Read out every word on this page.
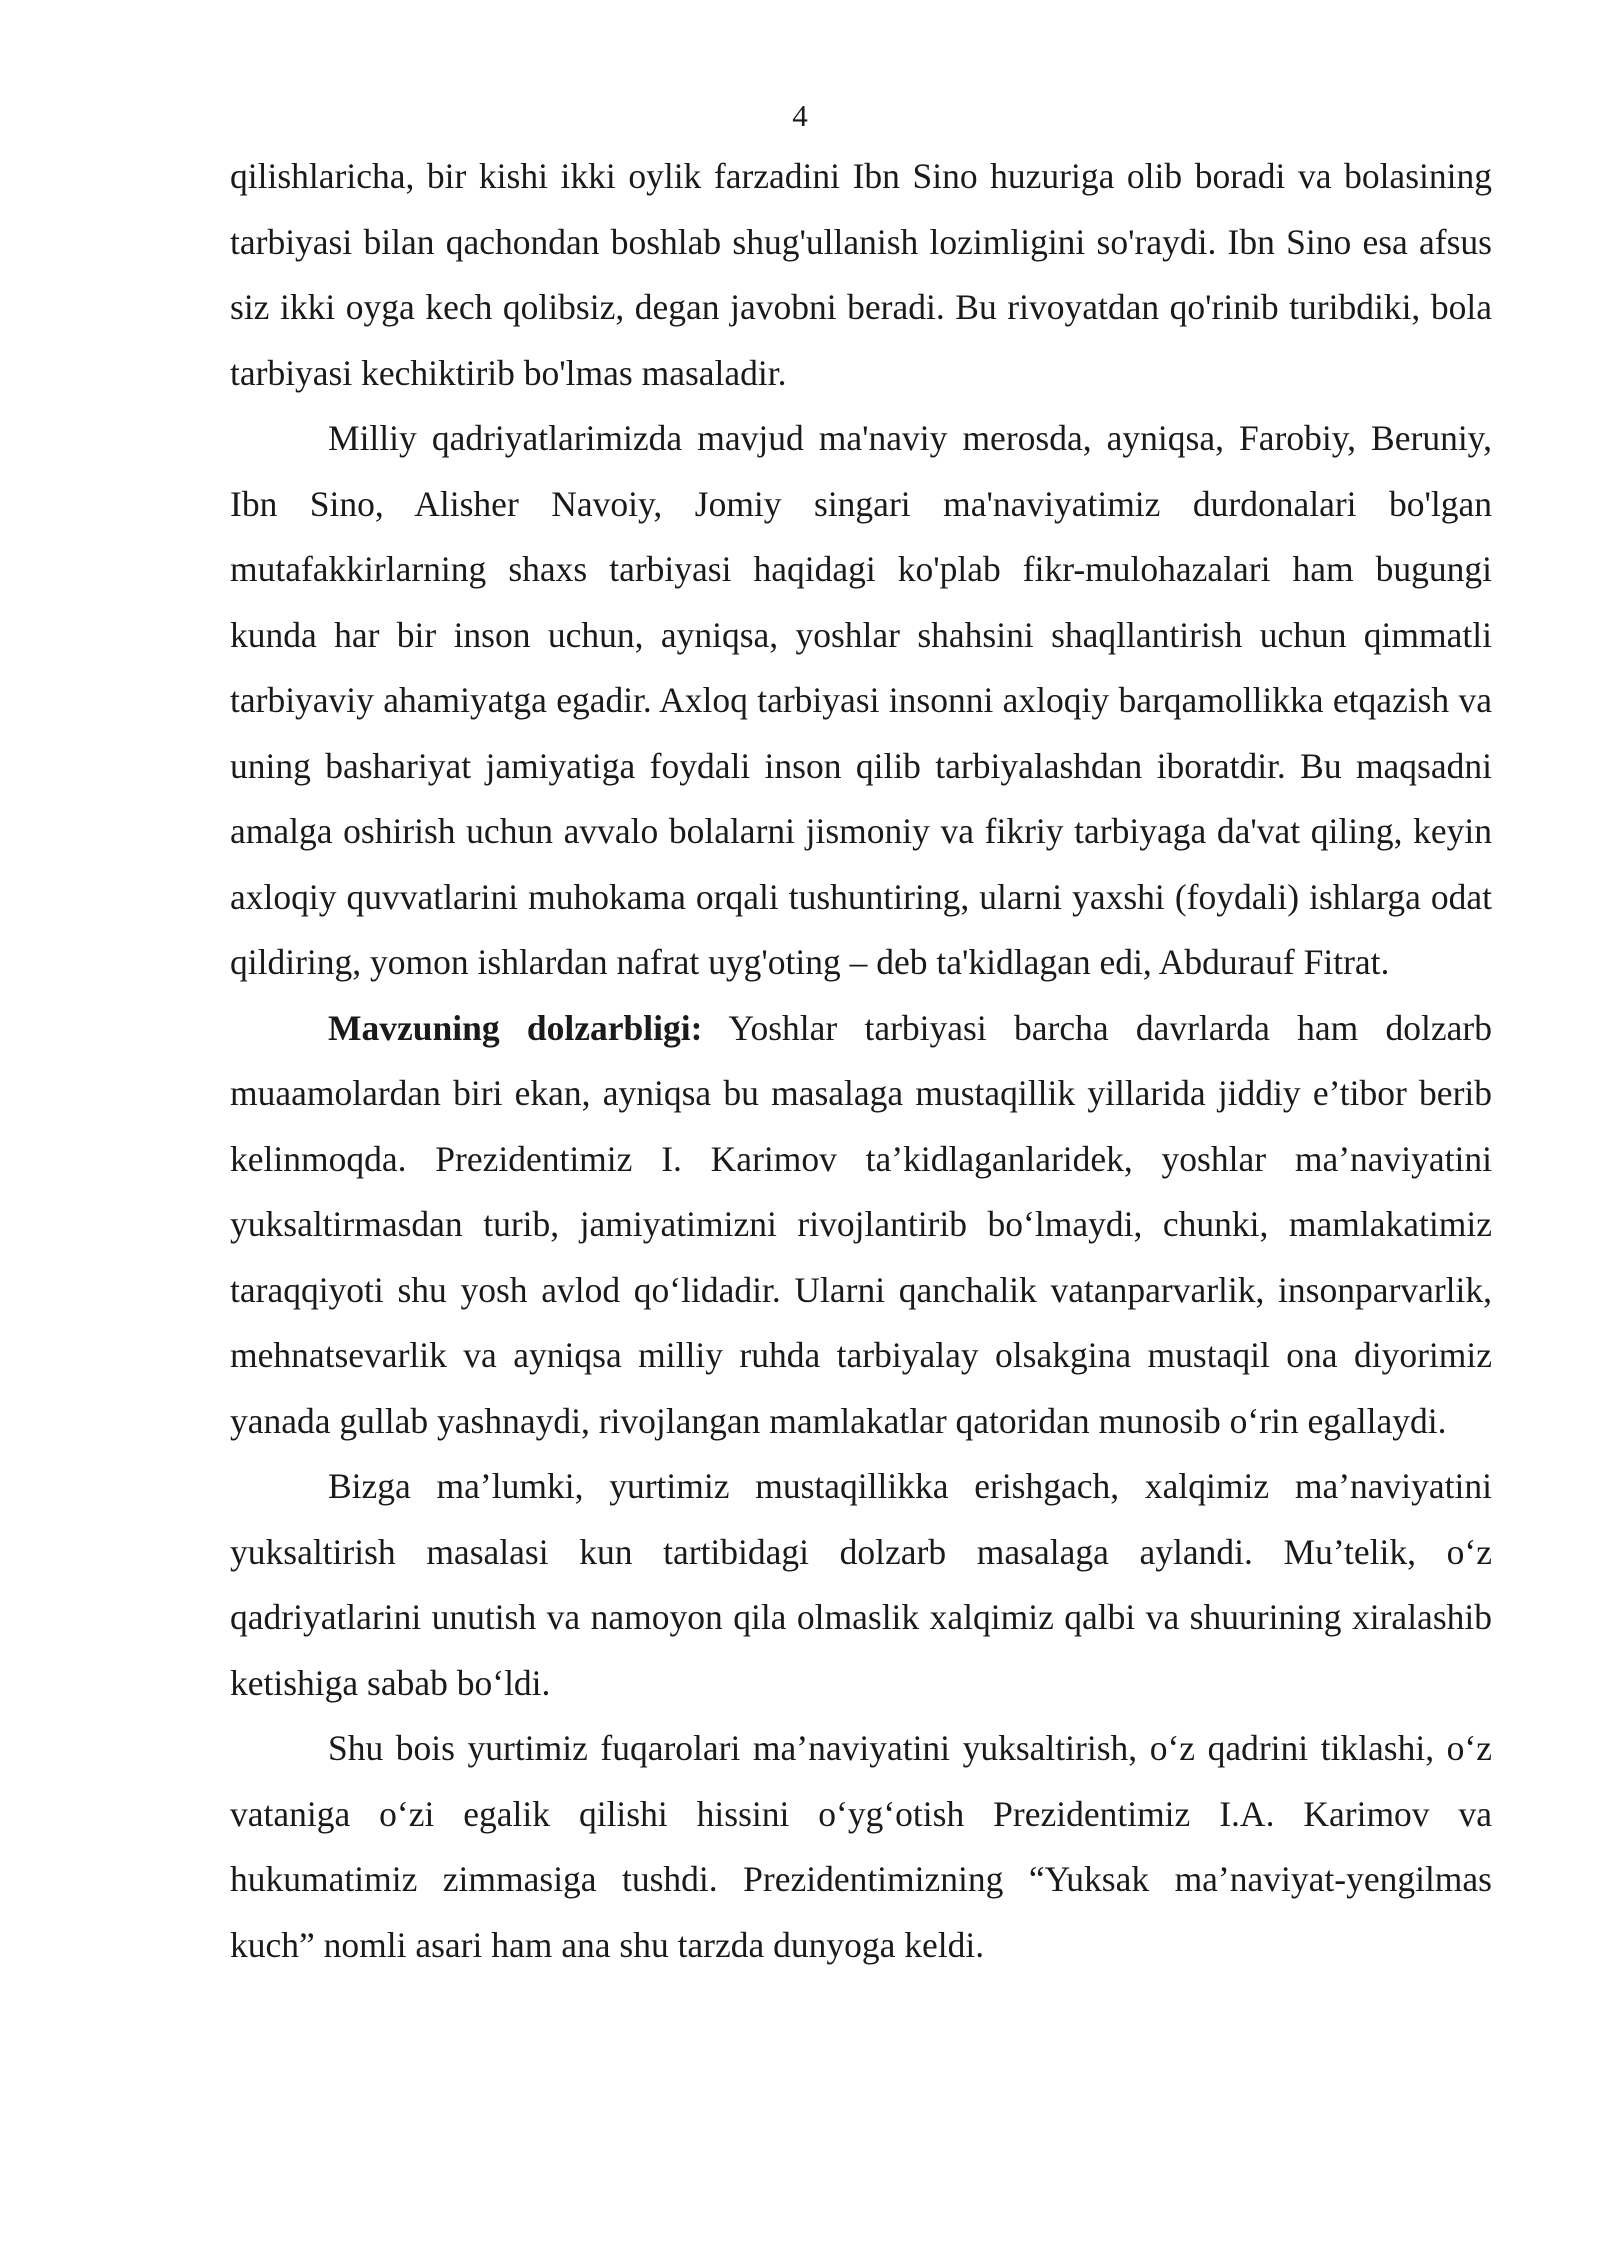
4

qilishlaricha, bir kishi ikki oylik farzadini Ibn Sino huzuriga olib boradi va bolasining tarbiyasi bilan qachondan boshlab shug'ullanish lozimligini so'raydi. Ibn Sino esa afsus siz ikki oyga kech qolibsiz, degan javobni beradi. Bu rivoyatdan qo'rinib turibdiki, bola tarbiyasi kechiktirib bo'lmas masaladir.

Milliy qadriyatlarimizda mavjud ma'naviy merosda, ayniqsa, Farobiy, Beruniy, Ibn Sino, Alisher Navoiy, Jomiy singari ma'naviyatimiz durdonalari bo'lgan mutafakkirlarning shaxs tarbiyasi haqidagi ko'plab fikr-mulohazalari ham bugungi kunda har bir inson uchun, ayniqsa, yoshlar shahsini shaqllantirish uchun qimmatli tarbiyaviy ahamiyatga egadir. Axloq tarbiyasi insonni axloqiy barqamollikka etqazish va uning bashariyat jamiyatiga foydali inson qilib tarbiyalashdan iboratdir. Bu maqsadni amalga oshirish uchun avvalo bolalarni jismoniy va fikriy tarbiyaga da'vat qiling, keyin axloqiy quvvatlarini muhokama orqali tushuntiring, ularni yaxshi (foydali) ishlarga odat qildiring, yomon ishlardan nafrat uyg'oting – deb ta'kidlagan edi, Abdurauf Fitrat.

Mavzuning dolzarbligi: Yoshlar tarbiyasi barcha davrlarda ham dolzarb muaamolardan biri ekan, ayniqsa bu masalaga mustaqillik yillarida jiddiy e’tibor berib kelinmoqda. Prezidentimiz I. Karimov ta’kidlaganlaridek, yoshlar ma’naviyatini yuksaltirmasdan turib, jamiyatimizni rivojlantirib bo‘lmaydi, chunki, mamlakatimiz taraqqiyoti shu yosh avlod qo‘lidadir. Ularni qanchalik vatanparvarlik, insonparvarlik, mehnatsevarlik va ayniqsa milliy ruhda tarbiyalay olsakgina mustaqil ona diyorimiz yanada gullab yashnaydi, rivojlangan mamlakatlar qatoridan munosib o‘rin egallaydi.

Bizga ma’lumki, yurtimiz mustaqillikka erishgach, xalqimiz ma’naviyatini yuksaltirish masalasi kun tartibidagi dolzarb masalaga aylandi. Mu’telik, o‘z qadriyatlarini unutish va namoyon qila olmaslik xalqimiz qalbi va shuurining xiralashib ketishiga sabab bo‘ldi.

Shu bois yurtimiz fuqarolari ma’naviyatini yuksaltirish, o‘z qadrini tiklashi, o‘z vataniga o‘zi egalik qilishi hissini o‘yg‘otish Prezidentimiz I.A. Karimov va hukumatimiz zimmasiga tushdi. Prezidentimizning “Yuksak ma’naviyat-yengilmas kuch” nomli asari ham ana shu tarzda dunyoga keldi.
